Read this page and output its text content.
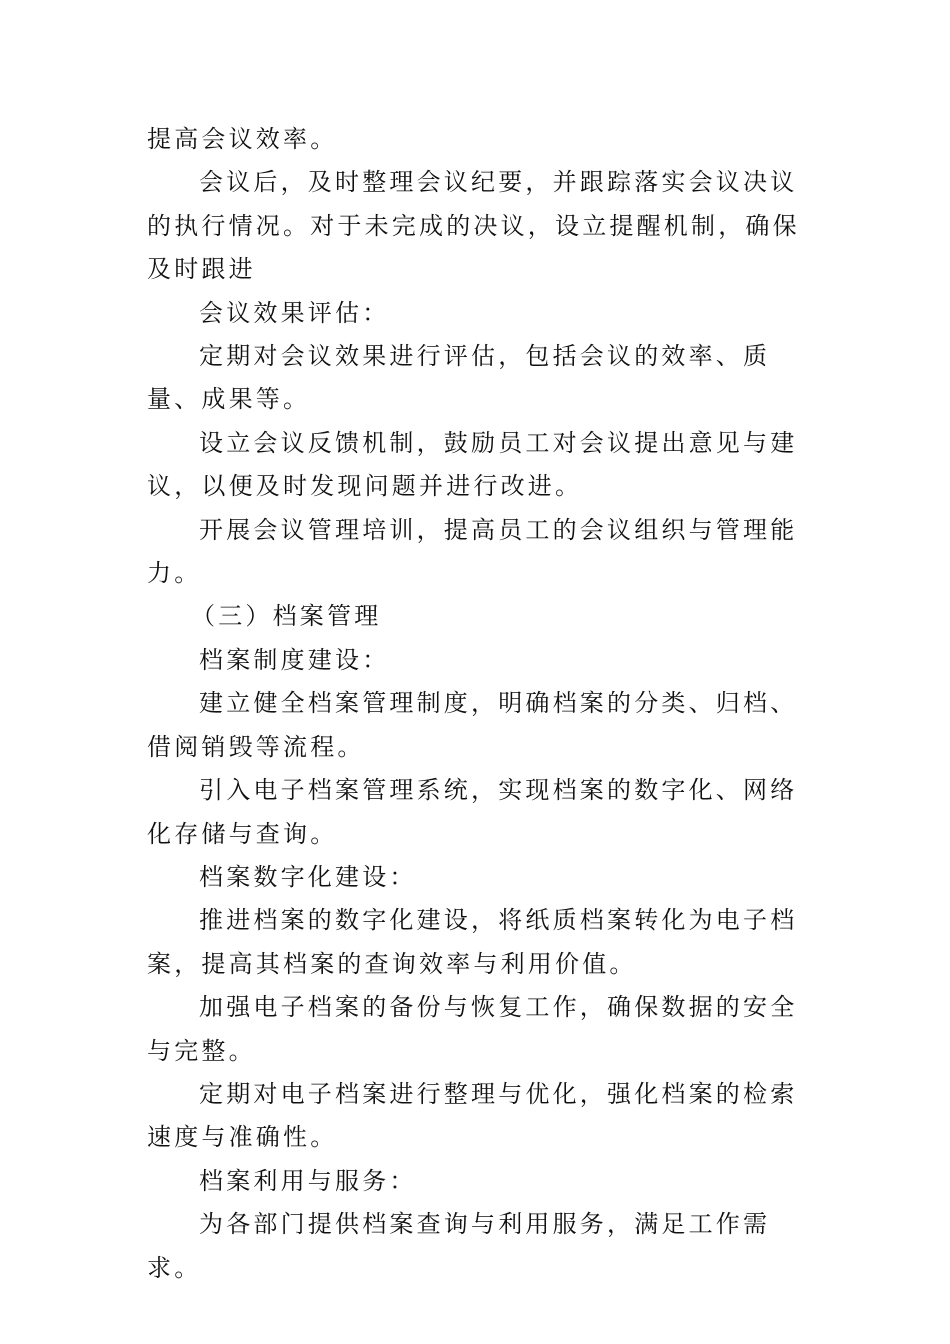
提高会议效率。

会议后，及时整理会议纪要，并跟踪落实会议决议的执行情况。对于未完成的决议，设立提醒机制，确保及时跟进

会议效果评估：

定期对会议效果进行评估，包括会议的效率、质量、成果等。

设立会议反馈机制，鼓励员工对会议提出意见与建议，以便及时发现问题并进行改进。

开展会议管理培训，提高员工的会议组织与管理能力。

（三）档案管理

档案制度建设：

建立健全档案管理制度，明确档案的分类、归档、借阅销毁等流程。

引入电子档案管理系统，实现档案的数字化、网络化存储与查询。

档案数字化建设：

推进档案的数字化建设，将纸质档案转化为电子档案，提高其档案的查询效率与利用价值。

加强电子档案的备份与恢复工作，确保数据的安全与完整。

定期对电子档案进行整理与优化，强化档案的检索速度与准确性。

档案利用与服务：

为各部门提供档案查询与利用服务，满足工作需求。
